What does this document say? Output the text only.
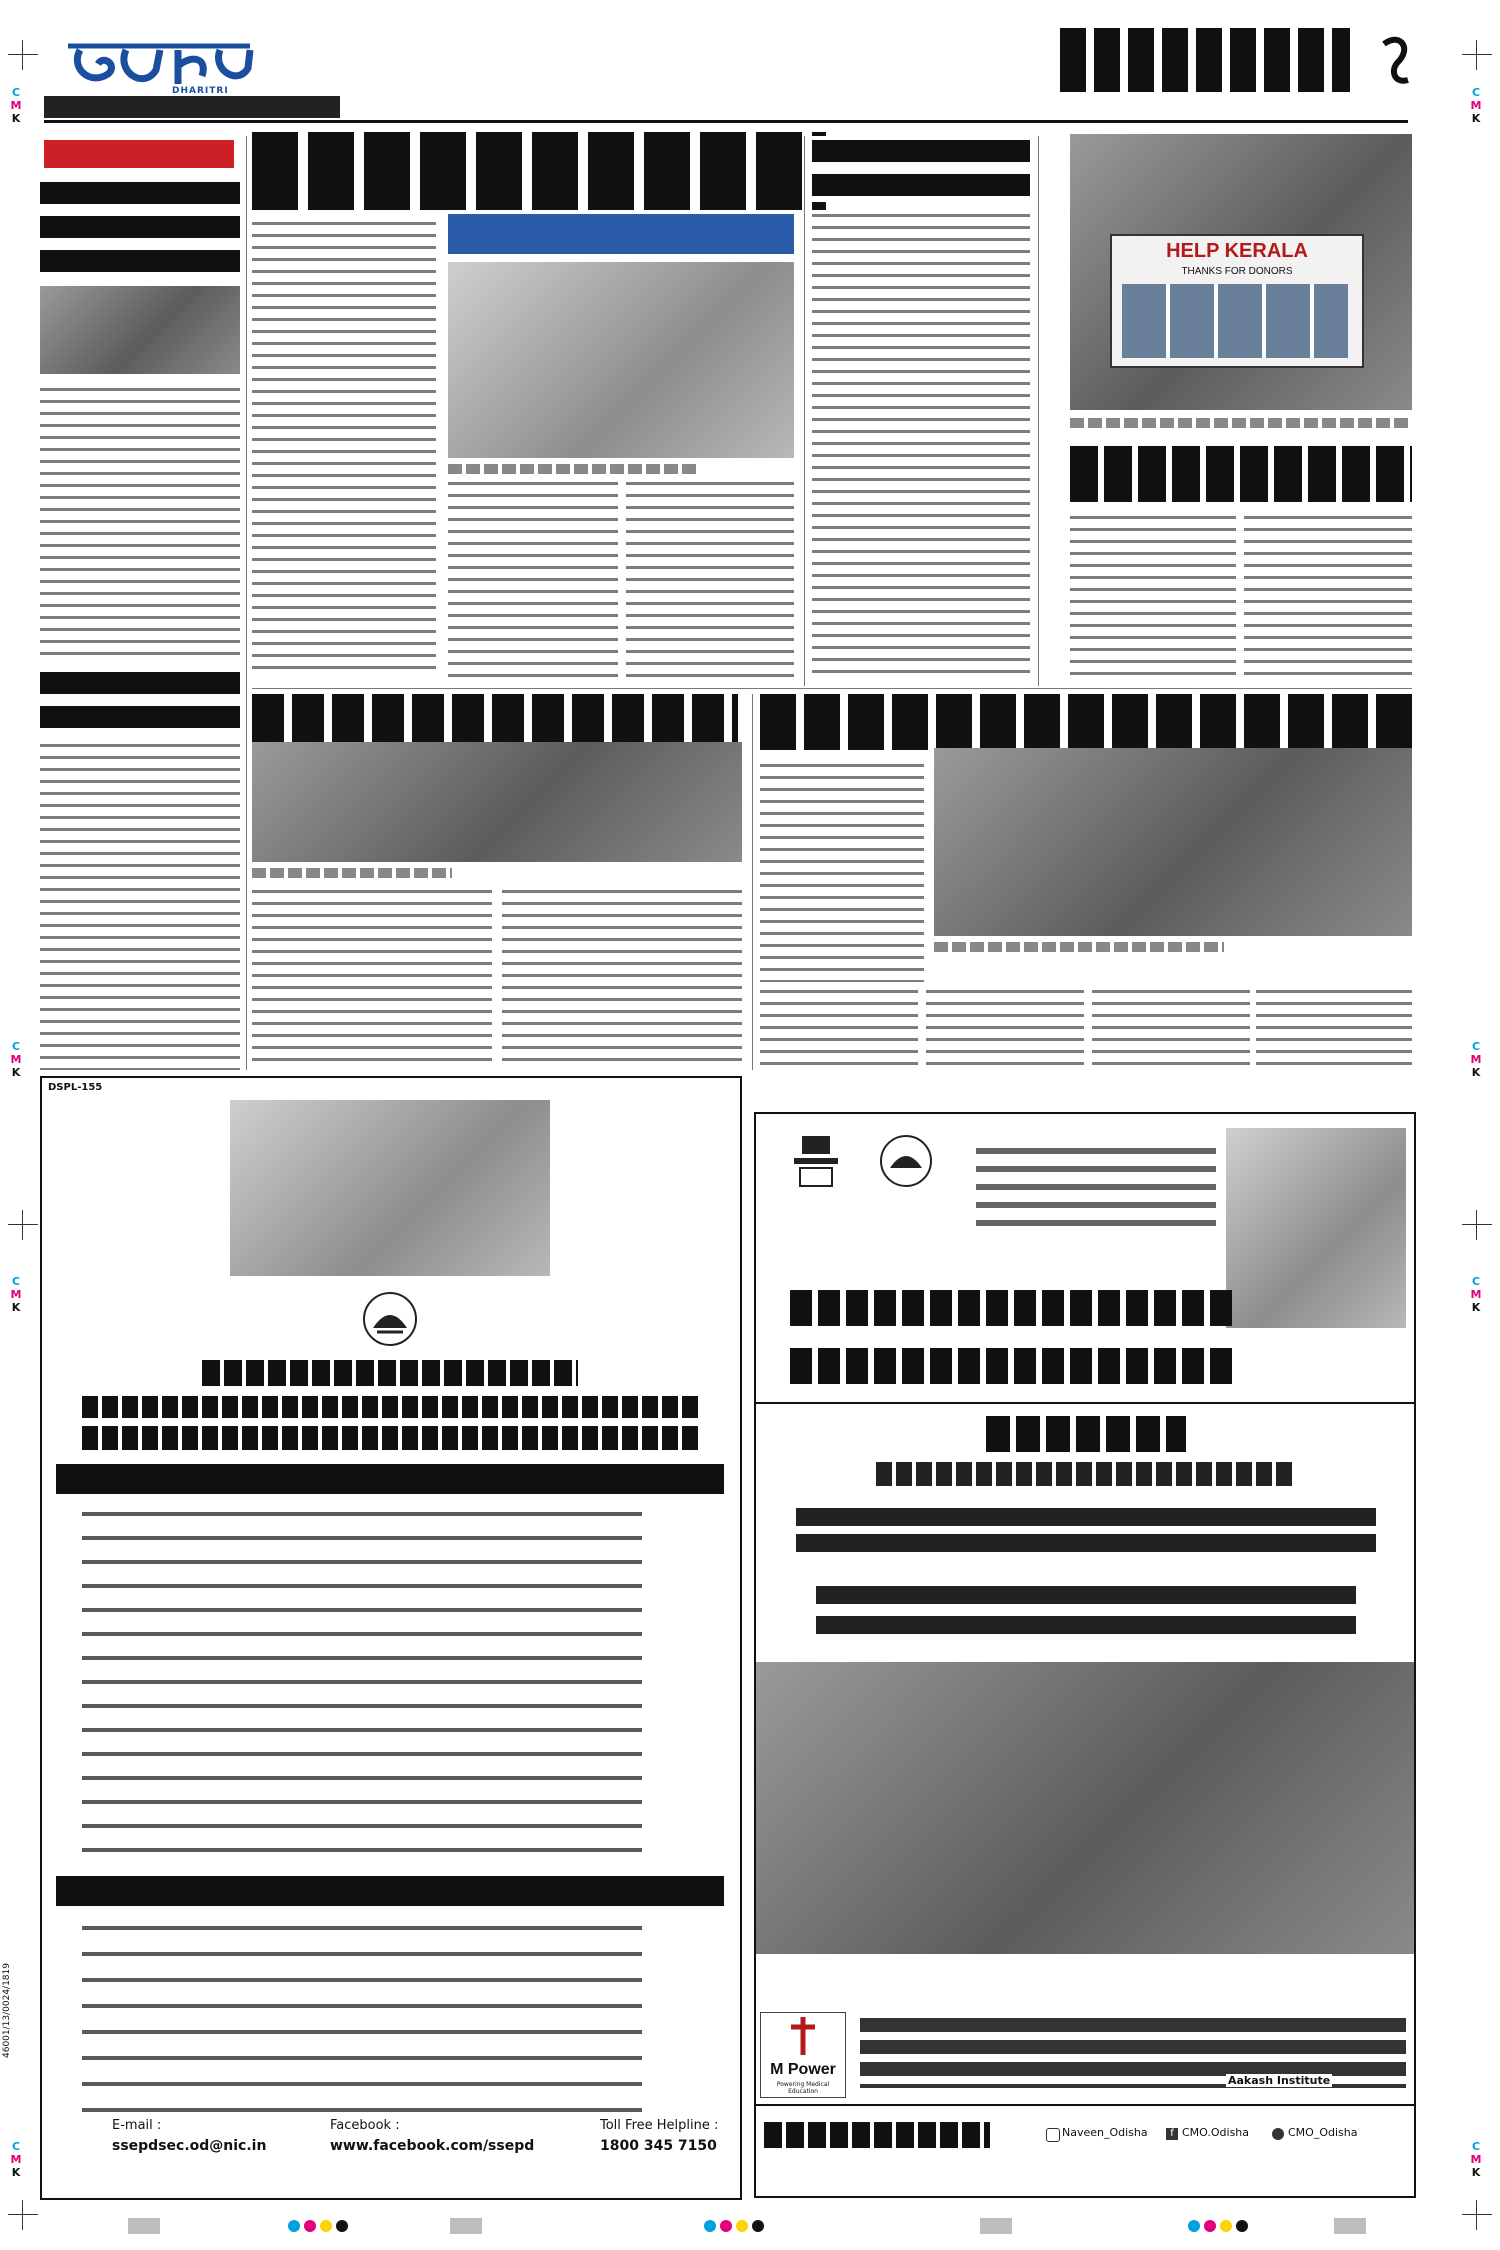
C
M
K
C
M
K
C
M
K
C
M
K
C
M
K
C
M
K
C
M
K
C
M
K
DHARITRI
HELP KERALA
THANKS FOR DONORS
DSPL-155
E-mail :
ssepdsec.od@nic.in
Facebook :
www.facebook.com/ssepd
Toll Free Helpline :
1800 345 7150
46001/13/0024/1819
M Power
Powering Medical Education
Aakash Institute
Naveen_Odisha	f CMO.Odisha	CMO_Odisha
